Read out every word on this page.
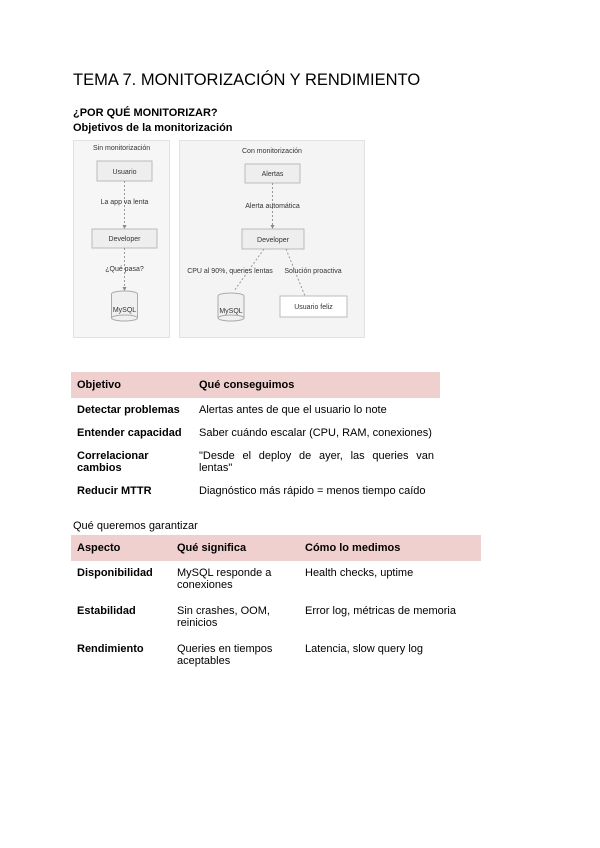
TEMA 7. MONITORIZACIÓN Y RENDIMIENTO
¿POR QUÉ MONITORIZAR?
Objetivos de la monitorización
Sin monitorización
Usuario
La app va lenta
Developer
¿Qué pasa?
MySQL
Con monitorización
Alertas
Alerta automática
Developer
CPU al 90%, queries lentas Solución proactiva
MySQL
Usuario feliz
Objetivo	Qué conseguimos
Detectar problemas	Alertas antes de que el usuario lo note
Entender capacidad	Saber cuándo escalar (CPU, RAM, conexiones)
Correlacionar cambios	"Desde el deploy de ayer, las queries van lentas"
Reducir MTTR	Diagnóstico más rápido = menos tiempo caído
Qué queremos garantizar
Aspecto	Qué significa	Cómo lo medimos
Disponibilidad	MySQL responde a conexiones	Health checks, uptime
Estabilidad	Sin crashes, OOM, reinicios	Error log, métricas de memoria
Rendimiento	Queries en tiempos aceptables	Latencia, slow query log
